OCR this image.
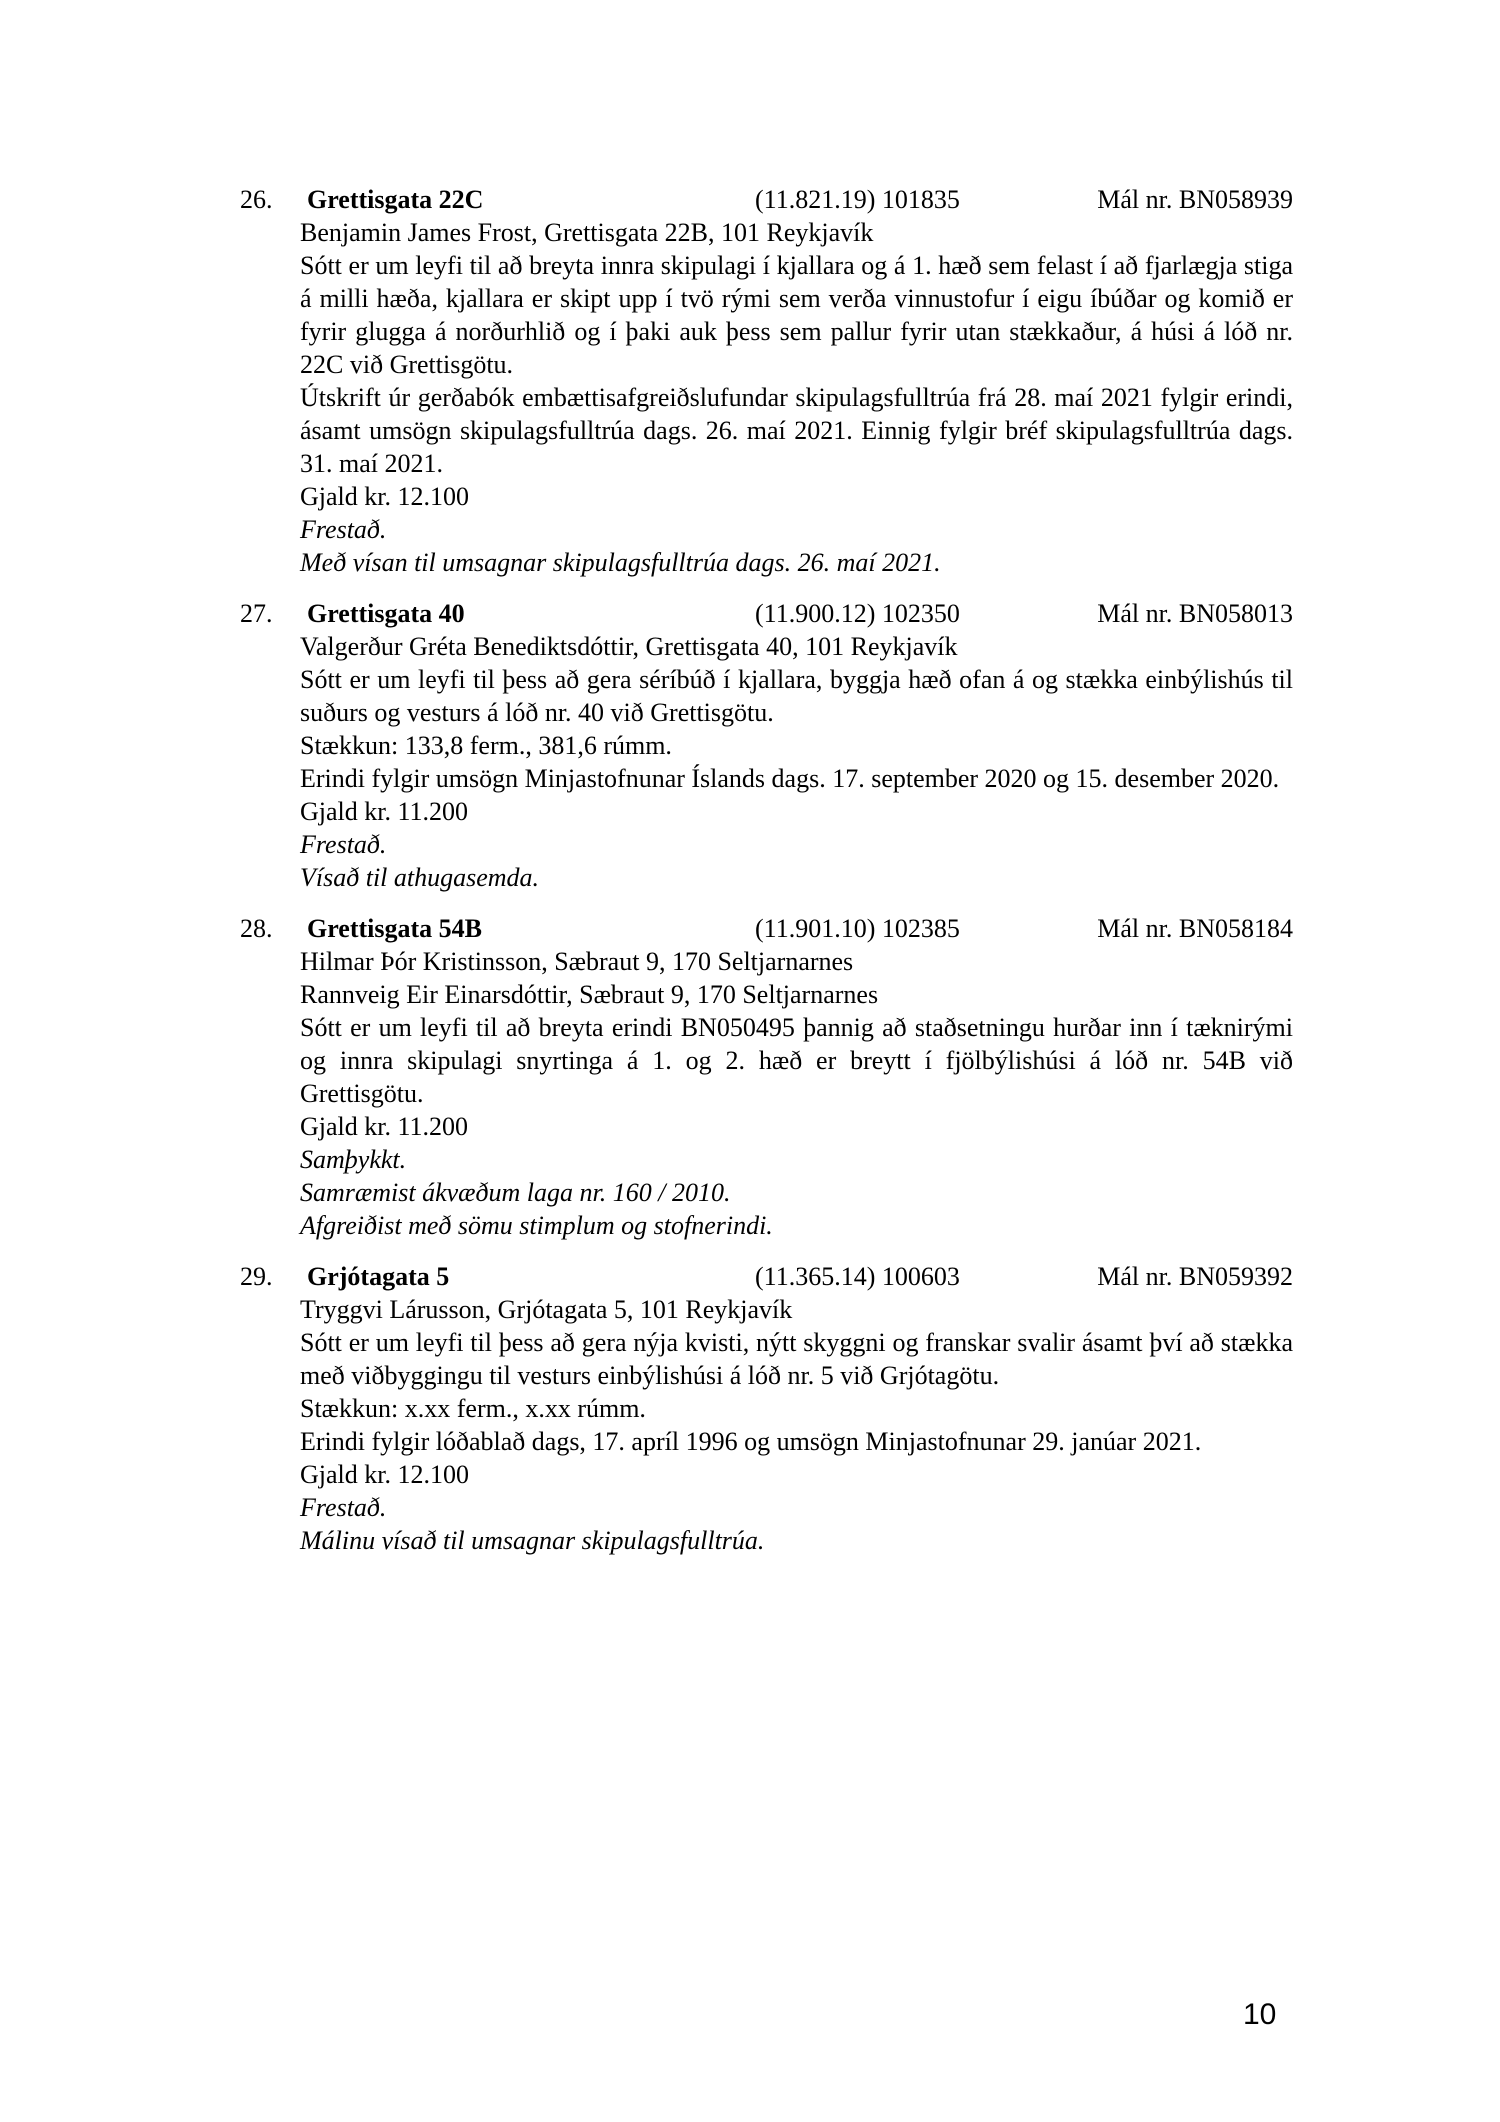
26. Grettisgata 22C	(11.821.19) 101835	Mál nr. BN058939

Benjamin James Frost, Grettisgata 22B, 101 Reykjavík

Sótt er um leyfi til að breyta innra skipulagi í kjallara og á 1. hæð sem felast í að fjarlægja stiga á milli hæða, kjallara er skipt upp í tvö rými sem verða vinnustofur í eigu íbúðar og komið er fyrir glugga á norðurhlið og í þaki auk þess sem pallur fyrir utan stækkaður, á húsi á lóð nr. 22C við Grettisgötu.

Útskrift úr gerðabók embættisafgreiðslufundar skipulagsfulltrúa frá 28. maí 2021 fylgir erindi, ásamt umsögn skipulagsfulltrúa dags. 26. maí 2021. Einnig fylgir bréf skipulagsfulltrúa dags. 31. maí 2021.

Gjald kr. 12.100

Frestað.

Með vísan til umsagnar skipulagsfulltrúa dags. 26. maí 2021.

27. Grettisgata 40	(11.900.12) 102350	Mál nr. BN058013

Valgerður Gréta Benediktsdóttir, Grettisgata 40, 101 Reykjavík

Sótt er um leyfi til þess að gera séríbúð í kjallara, byggja hæð ofan á og stækka einbýlishús til suðurs og vesturs á lóð nr. 40 við Grettisgötu.

Stækkun: 133,8 ferm., 381,6 rúmm.

Erindi fylgir umsögn Minjastofnunar Íslands dags. 17. september 2020 og 15. desember 2020.

Gjald kr. 11.200

Frestað.

Vísað til athugasemda.

28. Grettisgata 54B	(11.901.10) 102385	Mál nr. BN058184

Hilmar Þór Kristinsson, Sæbraut 9, 170 Seltjarnarnes

Rannveig Eir Einarsdóttir, Sæbraut 9, 170 Seltjarnarnes

Sótt er um leyfi til að breyta erindi BN050495 þannig að staðsetningu hurðar inn í tæknirými og innra skipulagi snyrtinga á 1. og 2. hæð er breytt í fjölbýlishúsi á lóð nr. 54B við Grettisgötu.

Gjald kr. 11.200

Samþykkt.

Samræmist ákvæðum laga nr. 160 / 2010.

Afgreiðist með sömu stimplum og stofnerindi.

29. Grjótagata 5	(11.365.14) 100603	Mál nr. BN059392

Tryggvi Lárusson, Grjótagata 5, 101 Reykjavík

Sótt er um leyfi til þess að gera nýja kvisti, nýtt skyggni og franskar svalir ásamt því að stækka með viðbyggingu til vesturs einbýlishúsi á lóð nr. 5 við Grjótagötu.

Stækkun: x.xx ferm., x.xx rúmm.

Erindi fylgir lóðablað dags, 17. apríl 1996 og umsögn Minjastofnunar 29. janúar 2021.

Gjald kr. 12.100

Frestað.

Málinu vísað til umsagnar skipulagsfulltrúa.

10
